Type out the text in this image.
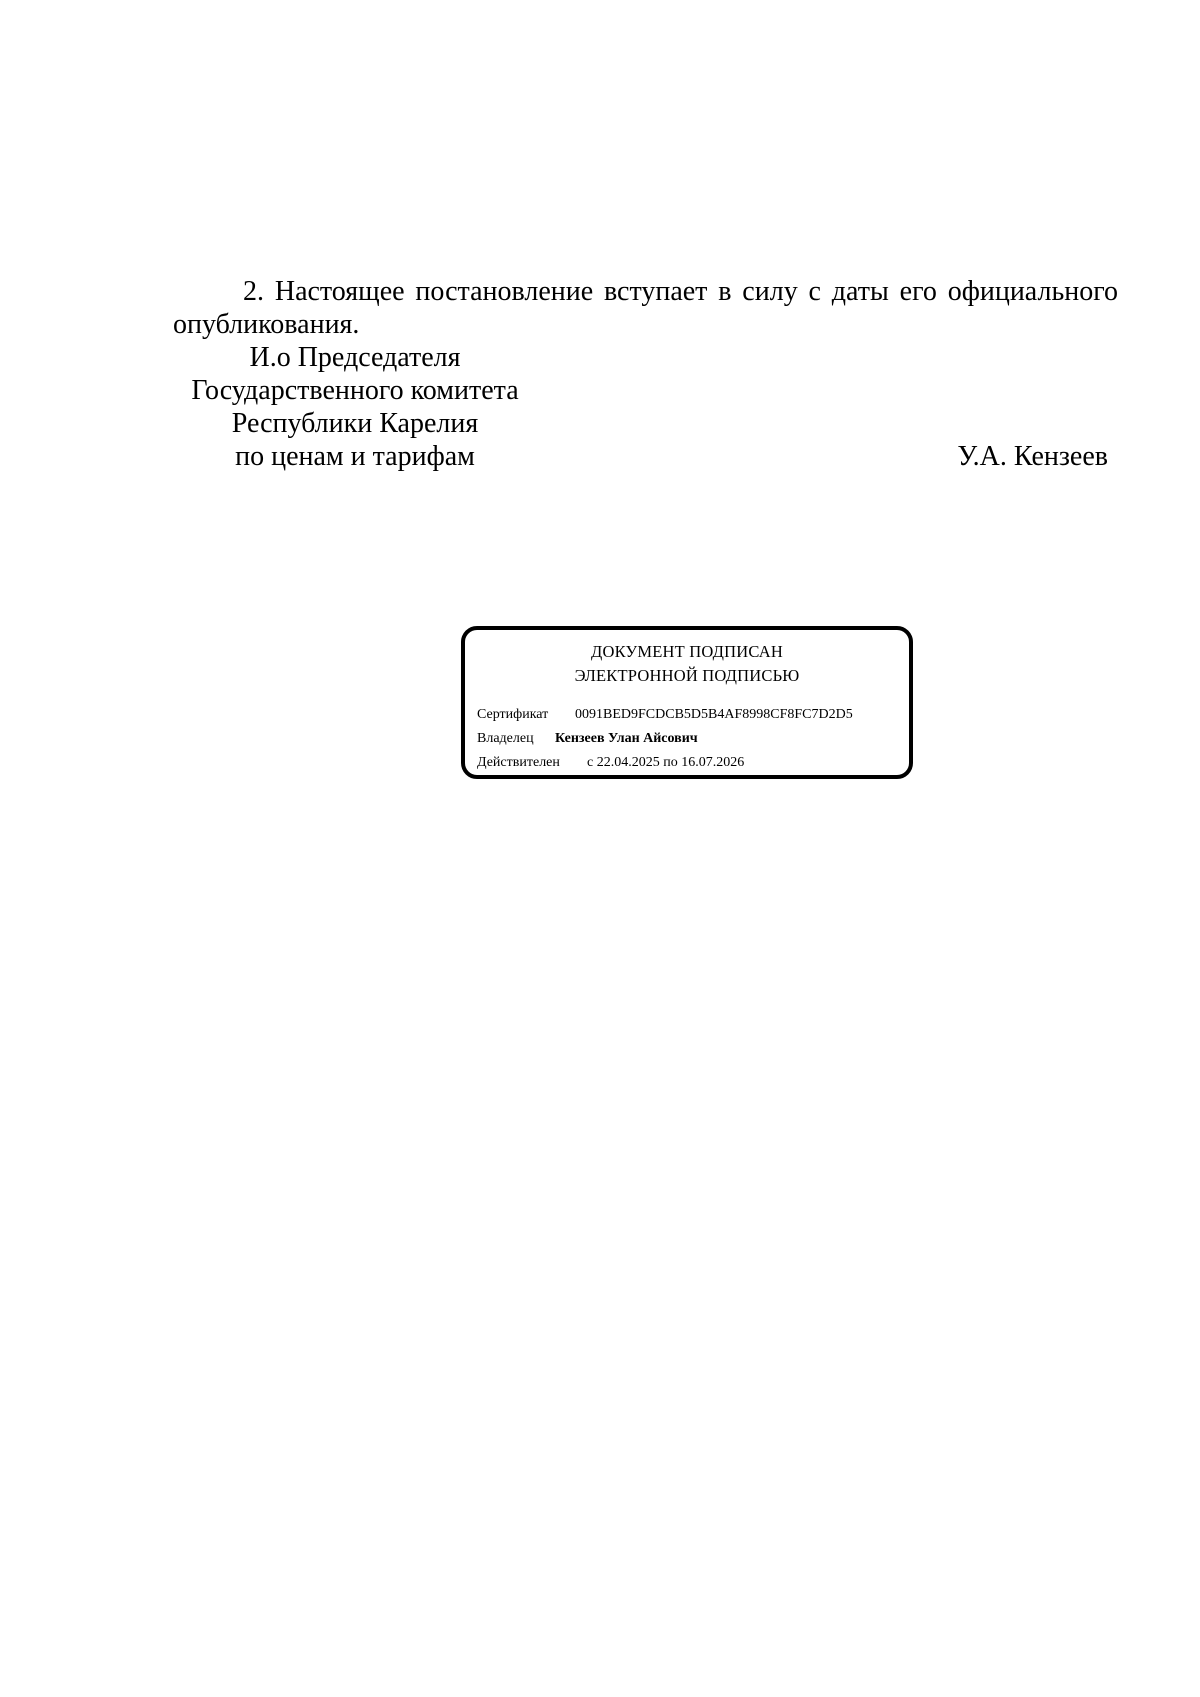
2. Настоящее постановление вступает в силу с даты его официального
опубликования.
И.о Председателя
Государственного комитета
Республики Карелия
по ценам и тарифам	У.А. Кензеев
ДОКУМЕНТ ПОДПИСАН
ЭЛЕКТРОННОЙ ПОДПИСЬЮ
Сертификат 0091BED9FCDCB5D5B4AF8998CF8FC7D2D5
Владелец Кензеев Улан Айсович
Действителен с 22.04.2025 по 16.07.2026
